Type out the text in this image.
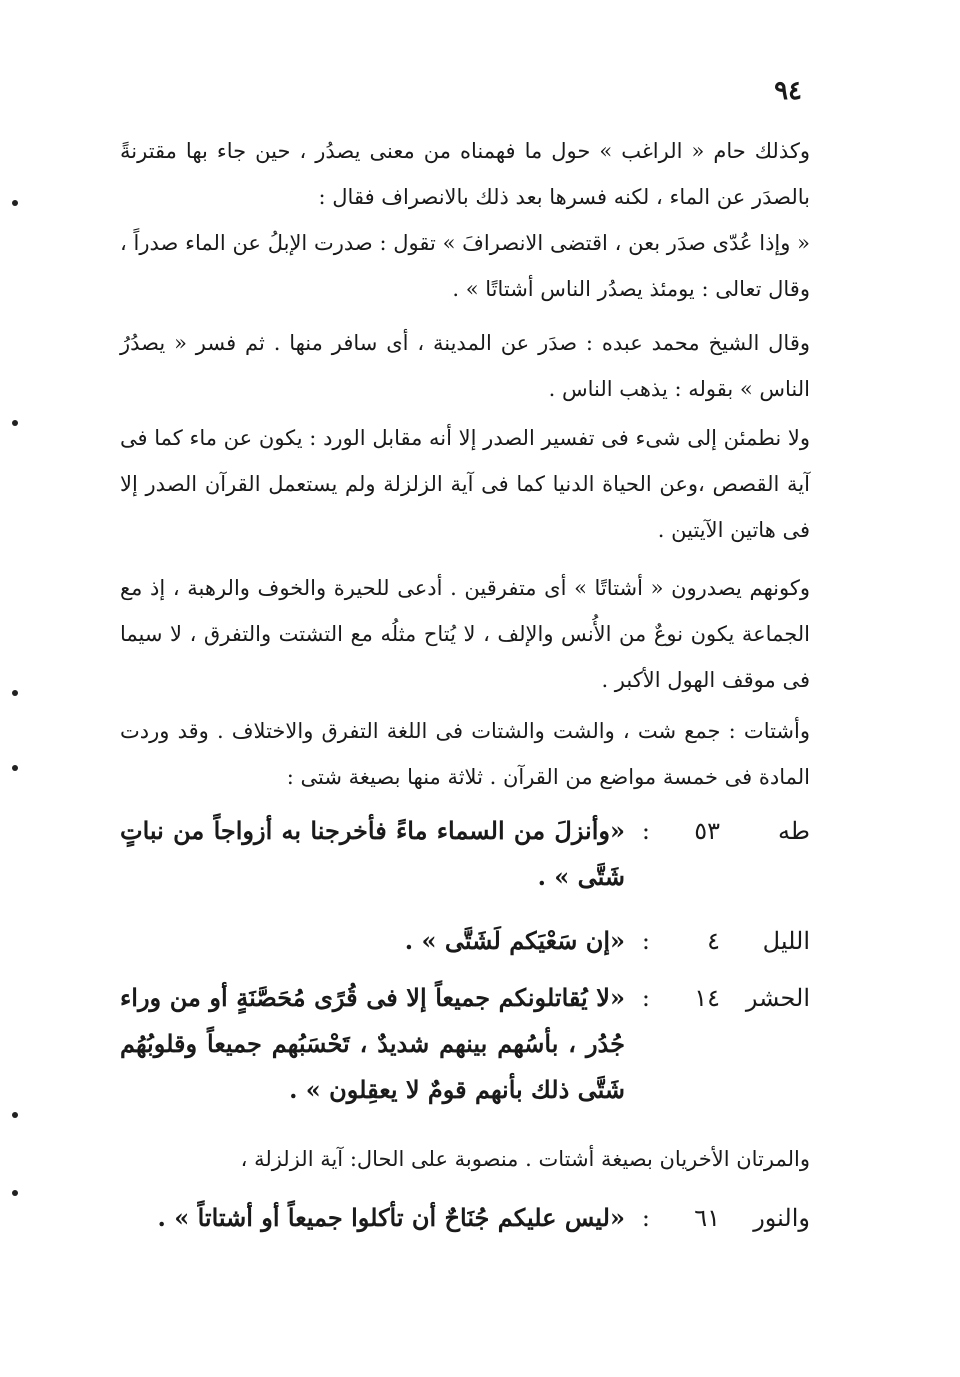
٩٤
وكذلك حام « الراغب » حول ما فهمناه من معنى يصدُر ، حين جاء بها مقترنةً بالصدَر عن الماء ، لكنه فسرها بعد ذلك بالانصراف فقال :
« وإذا عُدّى صدَر بعن ، اقتضى الانصرافَ » تقول : صدرت الإبلُ عن الماء صدراً ، وقال تعالى : يومئذ يصدُر الناس أشتاتًا » .
وقال الشيخ محمد عبده : صدَر عن المدينة ، أى سافر منها . ثم فسر « يصدُرُ الناس » بقوله : يذهب الناس .
ولا نطمئن إلى شىء فى تفسير الصدر إلا أنه مقابل الورد : يكون عن ماء كما فى آية القصص ،وعن الحياة الدنيا كما فى آية الزلزلة ولم يستعمل القرآن الصدر إلا فى هاتين الآيتين .
وكونهم يصدرون « أشتاتًا » أى متفرقين . أدعى للحيرة والخوف والرهبة ، إذ مع الجماعة يكون نوعٌ من الأُنس والإلف ، لا يُتاح مثلُه مع التشتت والتفرق ، لا سيما فى موقف الهول الأكبر .
وأشتات : جمع شت ، والشت والشتات فى اللغة التفرق والاختلاف . وقد وردت المادة فى خمسة مواضع من القرآن . ثلاثة منها بصيغة شتى :
طه
٥٣
:
«وأنزلَ من السماء ماءً فأخرجنا به أزواجاً من نباتٍ شَتَّى » .
الليل
٤
:
«إن سَعْيَكم لَشَتَّى » .
الحشر
١٤
:
«لا يُقاتلونكم جميعاً إلا فى قُرًى مُحَصَّنَةٍ أو من وراء جُدُر ، بأسُهم بينهم شديدٌ ، تَحْسَبُهم جميعاً وقلوبُهُم شَتَّى ذلك بأنهم قومٌ لا يعقِلون » .
والمرتان الأخريان بصيغة أشتات . منصوبة على الحال: آية الزلزلة ،
والنور
٦١
:
«ليس عليكم جُنَاحٌ أن تأكلوا جميعاً أو أشتاتاً » .
